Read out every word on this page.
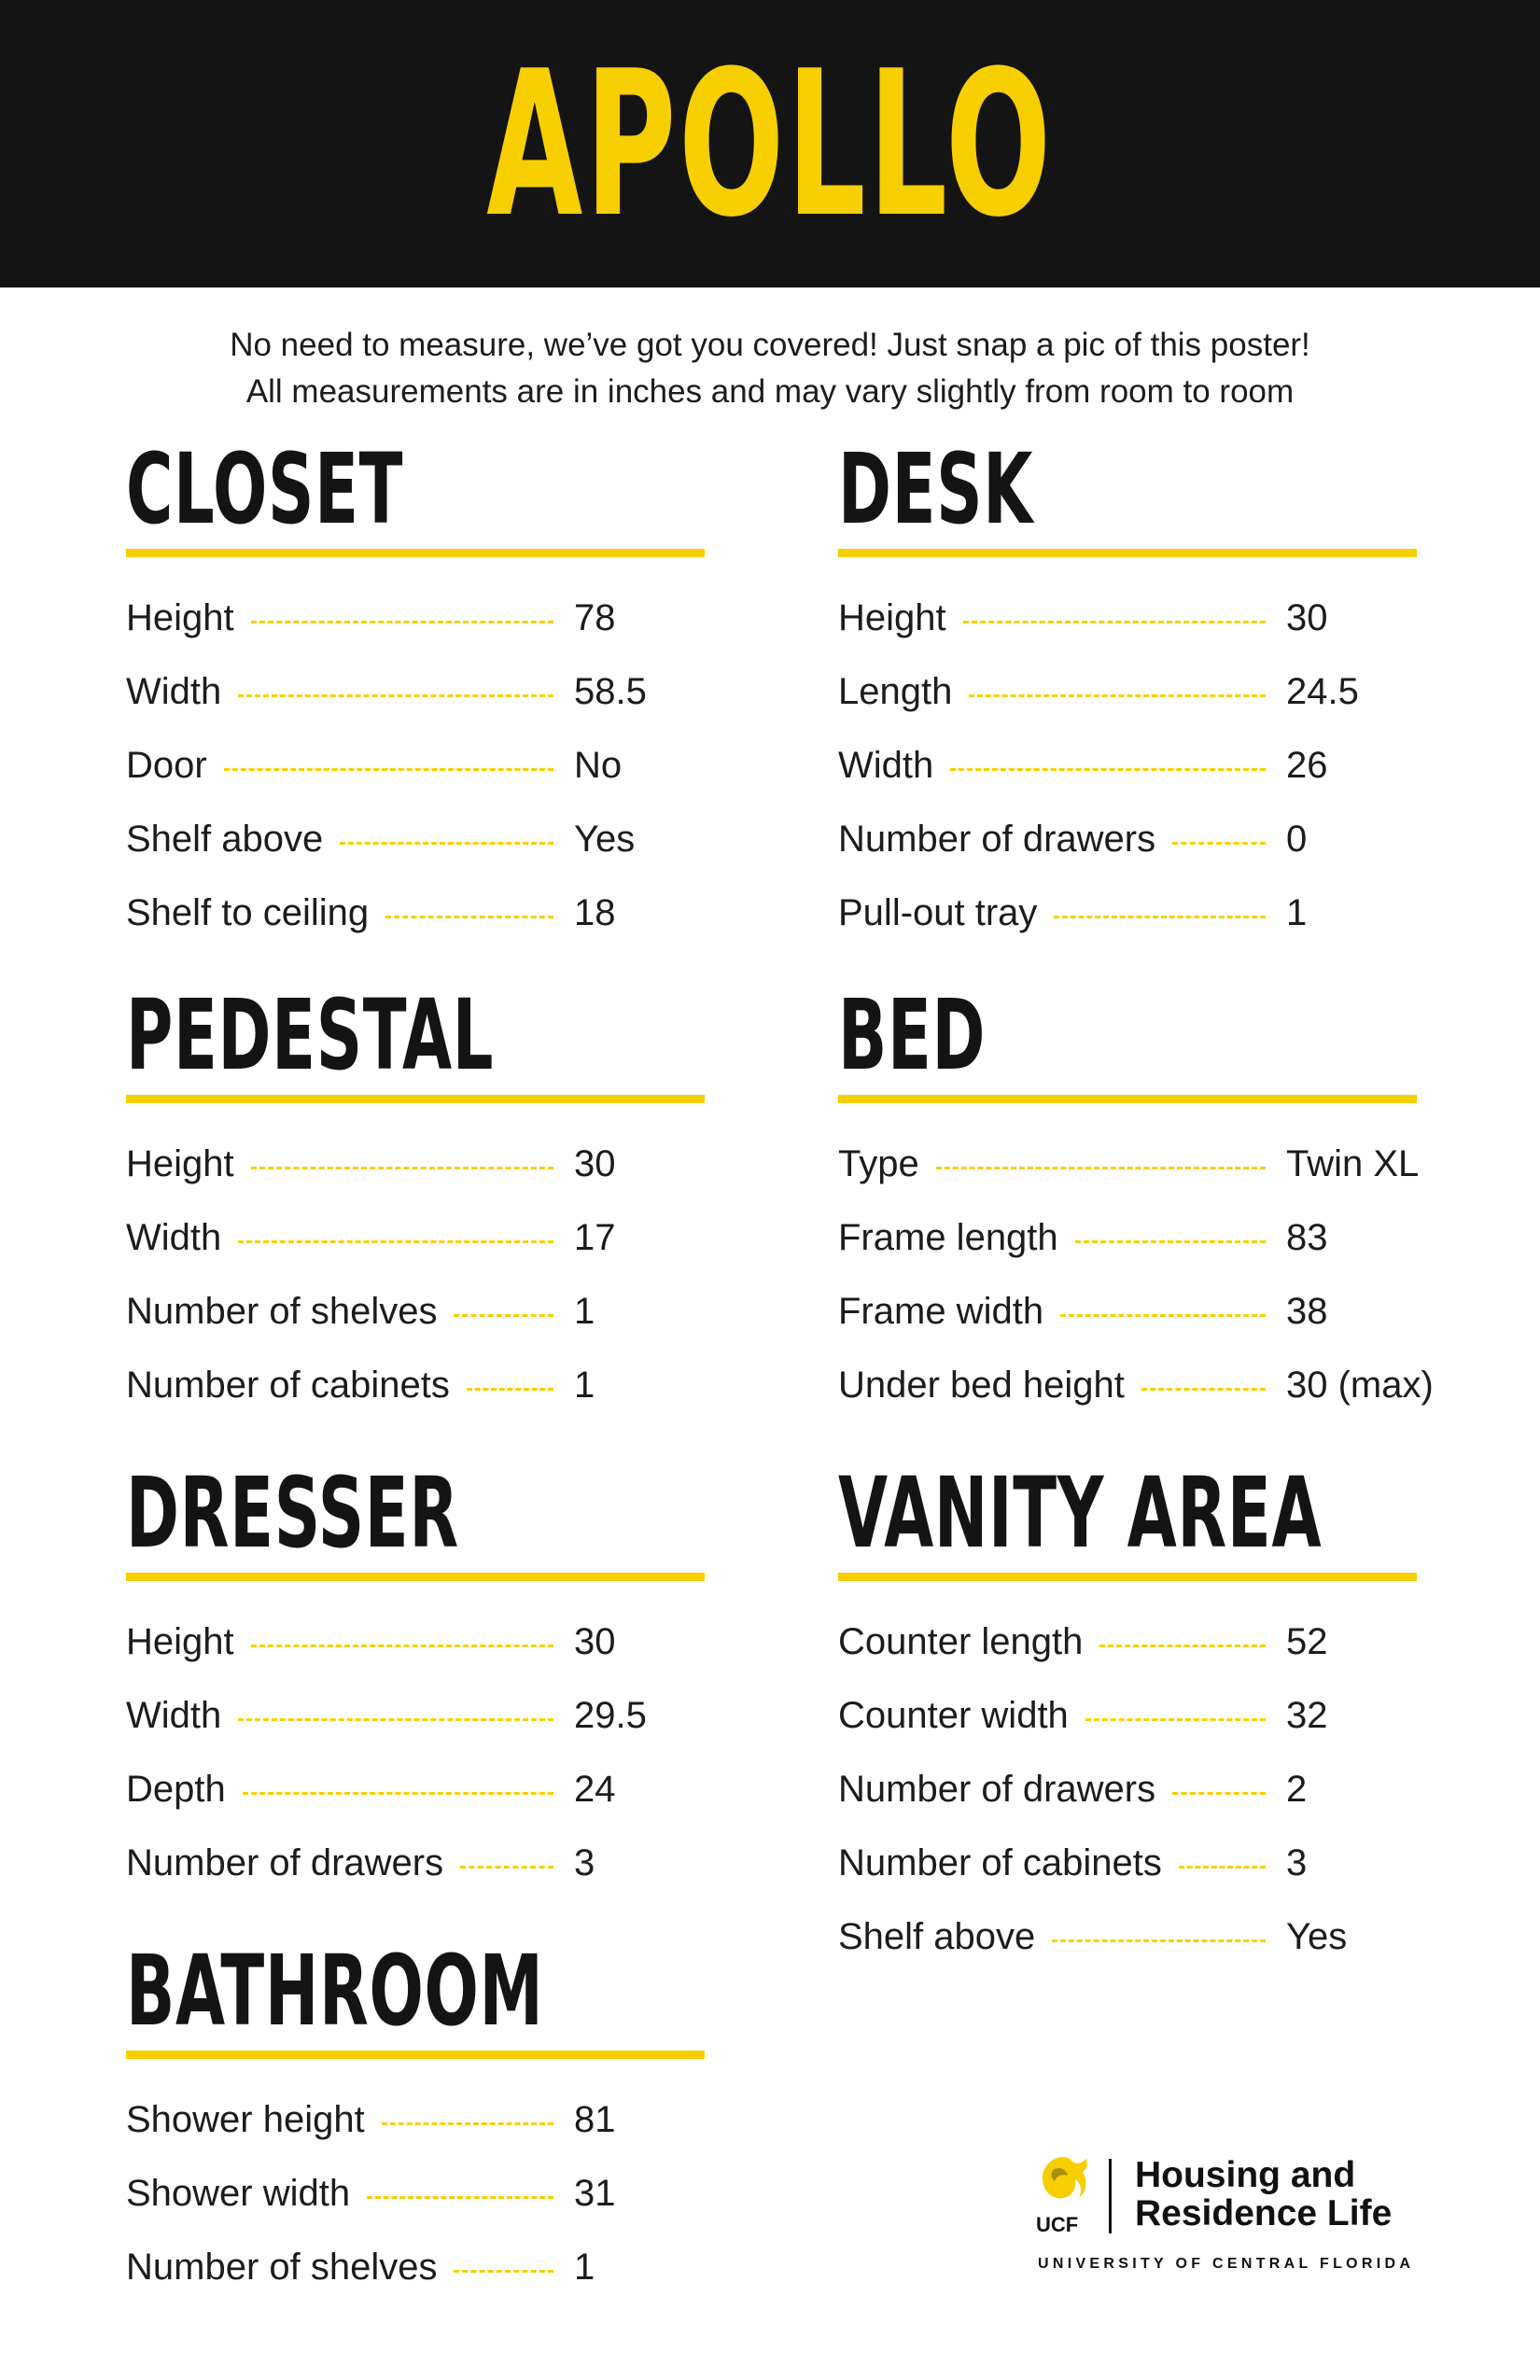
APOLLO

No need to measure, we’ve got you covered! Just snap a pic of this poster!

All measurements are in inches and may vary slightly from room to room

CLOSET
Height	78
Width	58.5
Door	No
Shelf above	Yes
Shelf to ceiling	18
DESK
Height	30
Length	24.5
Width	26
Number of drawers	0
Pull-out tray	1
PEDESTAL
Height	30
Width	17
Number of shelves	1
Number of cabinets	1
BED
Type	Twin XL
Frame length	83
Frame width	38
Under bed height	30 (max)
DRESSER
Height	30
Width	29.5
Depth	24
Number of drawers	3
VANITY AREA
Counter length	52
Counter width	32
Number of drawers	2
Number of cabinets	3
Shelf above	Yes
BATHROOM
Shower height	81
Shower width	31
Number of shelves	1
UCF
Housing and
Residence Life
UNIVERSITY OF CENTRAL FLORIDA
